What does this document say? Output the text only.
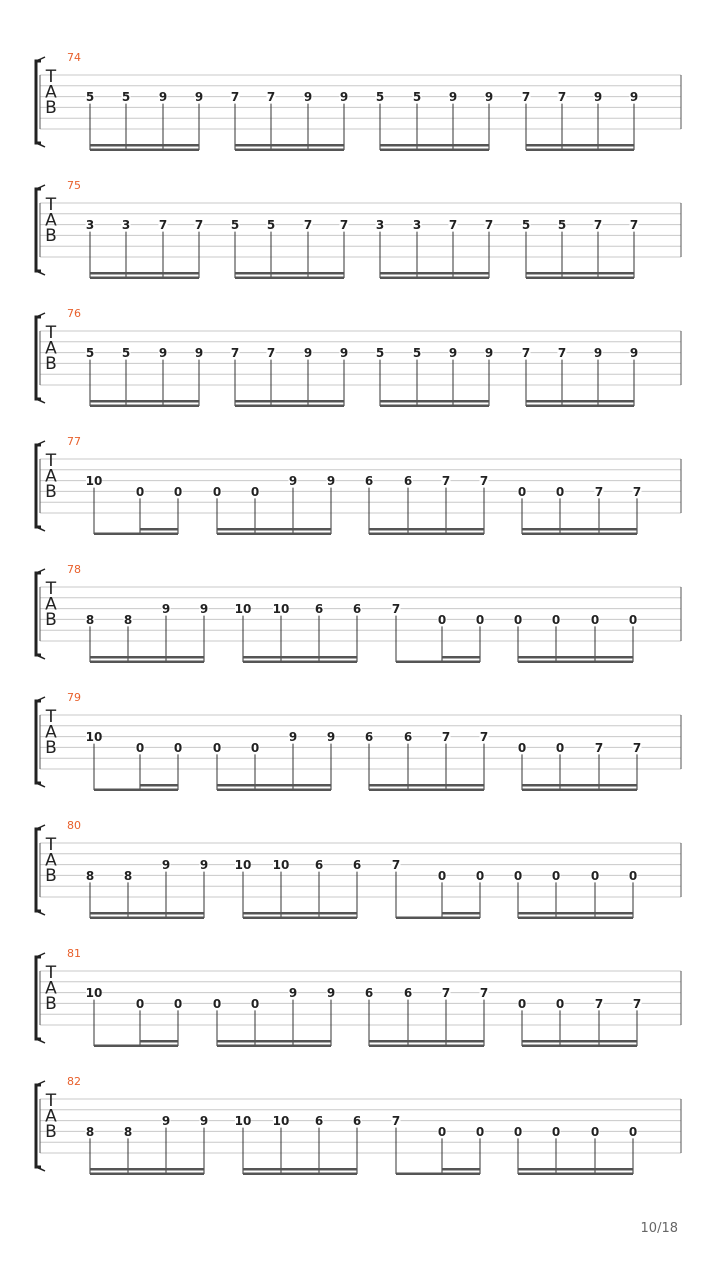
74
T
A
B
5 5 9 9 7 7 9 9 5 5 9 9 7 7 9 9
75
T
A
B
3 3 7 7 5 5 7 7 3 3 7 7 5 5 7 7
76
T
A
B
5 5 9 9 7 7 9 9 5 5 9 9 7 7 9 9
77
T
A
B
10
0 0	0 0
9 9 6	6 7 7
0 0	7 7
78
T
A
B 8 8
9 9 10 10 6 6	7
0 0 0 0	0 0
79
T
A
B
10
0 0	0 0
9 9 6	6 7 7
0 0	7 7
80
T
A
B 8 8
9 9 10 10 6 6	7
0 0 0 0	0 0
81
T
A
B
10
0 0	0 0
9 9 6	6 7 7
0 0	7 7
82
T
A
B 8 8
9 9 10 10 6 6	7
0 0 0 0	0 0
10/18
